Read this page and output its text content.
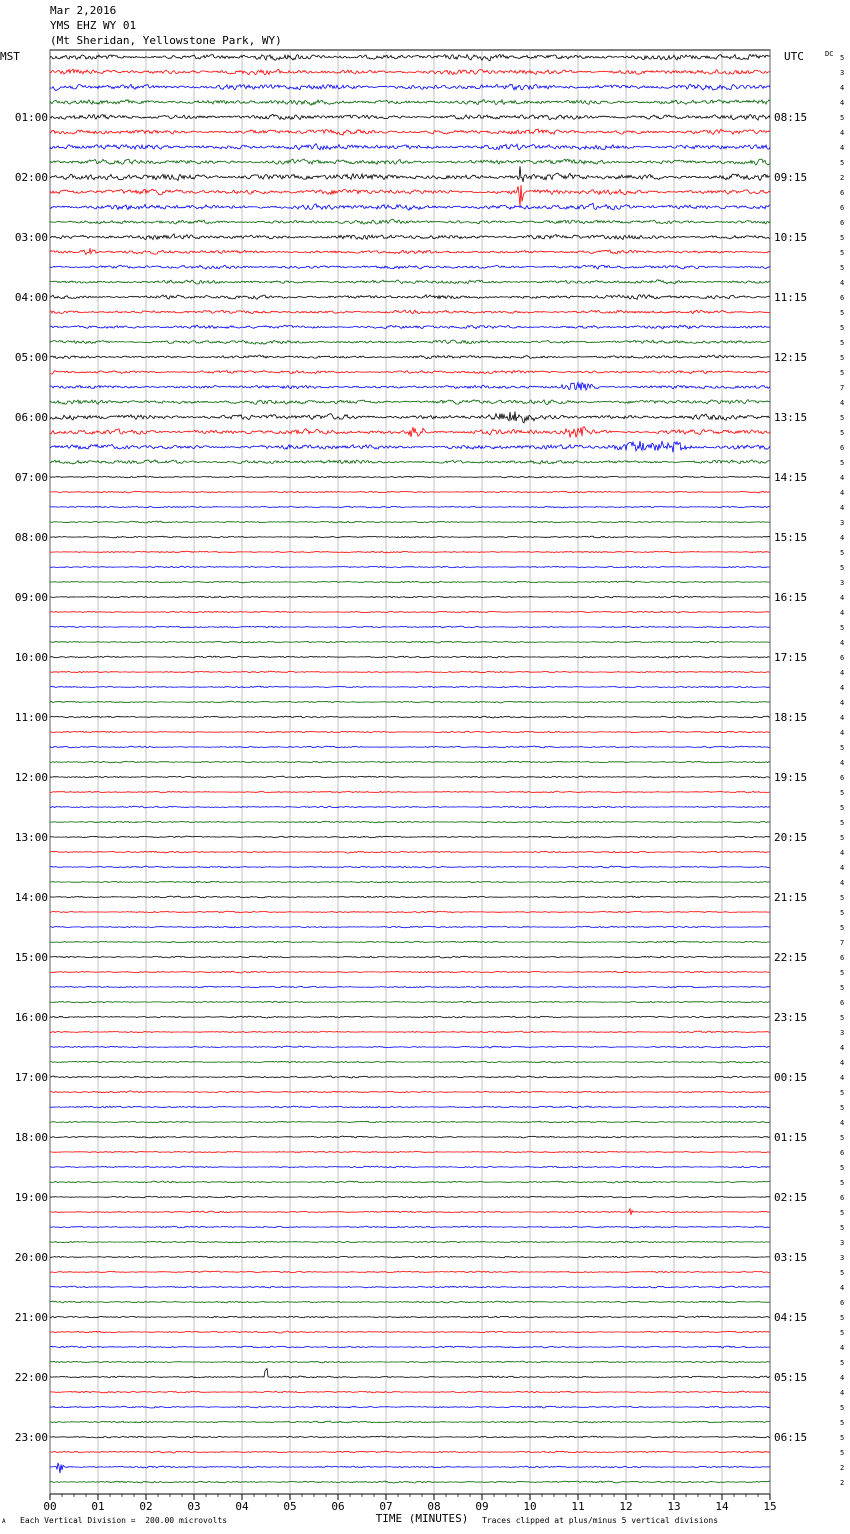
Mar 2,2016
YMS EHZ WY 01
(Mt Sheridan, Yellowstone Park, WY)
00	01	02	03	04	05	06	07	08	09	10	11	12	13	14	15
01:00
02:00
03:00
04:00
05:00
06:00
07:00
08:00
09:00
10:00
11:00
12:00
13:00
14:00
15:00
16:00
17:00
18:00
19:00
20:00
21:00
22:00
23:00
08:15
09:15
10:15
11:15
12:15
13:15
14:15
15:15
16:15
17:15
18:15
19:15
20:15
21:15
22:15
23:15
00:15
01:15
02:15
03:15
04:15
05:15
06:15
5
3
4
4
5
4
4
5
2
6
6
6
5
5
5
4
6
5
5
5
5
5
7
4
5
5
6
5
4
4
4
3
4
5
5
3
4
4
5
4
6
4
4
4
4
4
5
4
6
5
5
5
5
4
4
4
5
5
5
7
6
5
5
6
5
3
4
4
4
5
5
4
5
6
5
5
6
5
5
3
3
5
4
6
5
5
4
5
4
4
5
5
5
5
2
2
MST	UTC	DC
TIME (MINUTES)
A Each Vertical Division =  200.00 microvolts	Traces clipped at plus/minus 5 vertical divisions
